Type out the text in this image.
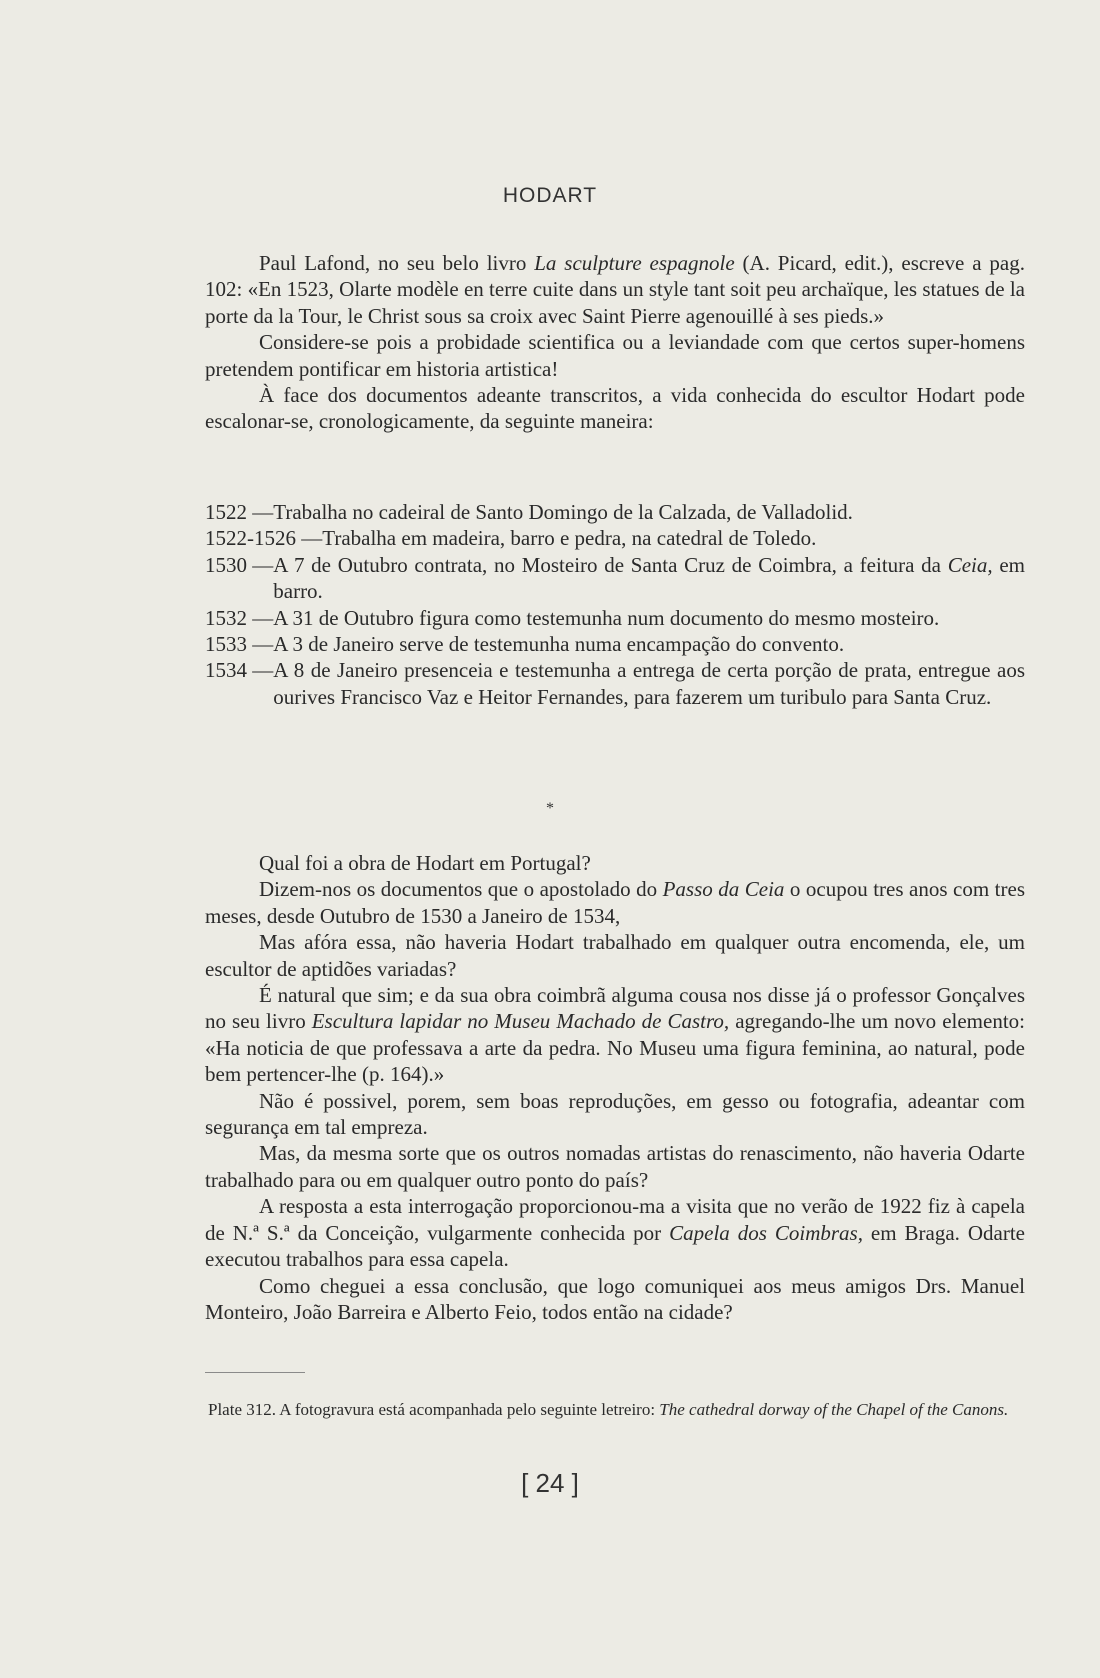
HODART

Paul Lafond, no seu belo livro La sculpture espagnole (A. Picard, edit.), escreve a pag. 102: «En 1523, Olarte modèle en terre cuite dans un style tant soit peu archaïque, les statues de la porte da la Tour, le Christ sous sa croix avec Saint Pierre agenouillé à ses pieds.»

Considere-se pois a probidade scientifica ou a leviandade com que certos super-homens pretendem pontificar em historia artistica!

À face dos documentos adeante transcritos, a vida conhecida do escultor Hodart pode escalonar-se, cronologicamente, da seguinte maneira:

1522 — Trabalha no cadeiral de Santo Domingo de la Calzada, de Valladolid.
1522-1526 — Trabalha em madeira, barro e pedra, na catedral de Toledo.
1530 — A 7 de Outubro contrata, no Mosteiro de Santa Cruz de Coimbra, a feitura da Ceia, em barro.
1532 — A 31 de Outubro figura como testemunha num documento do mesmo mosteiro.
1533 — A 3 de Janeiro serve de testemunha numa encampação do convento.
1534 — A 8 de Janeiro presenceia e testemunha a entrega de certa porção de prata, entregue aos ourives Francisco Vaz e Heitor Fernandes, para fazerem um turibulo para Santa Cruz.
*

Qual foi a obra de Hodart em Portugal?

Dizem-nos os documentos que o apostolado do Passo da Ceia o ocupou tres anos com tres meses, desde Outubro de 1530 a Janeiro de 1534,

Mas afóra essa, não haveria Hodart trabalhado em qualquer outra encomenda, ele, um escultor de aptidões variadas?

É natural que sim; e da sua obra coimbrã alguma cousa nos disse já o professor Gonçalves no seu livro Escultura lapidar no Museu Machado de Castro, agregando-lhe um novo elemento: «Ha noticia de que professava a arte da pedra. No Museu uma figura feminina, ao natural, pode bem pertencer-lhe (p. 164).»

Não é possivel, porem, sem boas reproduções, em gesso ou fotografia, adeantar com segurança em tal empreza.

Mas, da mesma sorte que os outros nomadas artistas do renascimento, não haveria Odarte trabalhado para ou em qualquer outro ponto do país?

A resposta a esta interrogação proporcionou-ma a visita que no verão de 1922 fiz à capela de N.ª S.ª da Conceição, vulgarmente conhecida por Capela dos Coimbras, em Braga. Odarte executou trabalhos para essa capela.

Como cheguei a essa conclusão, que logo comuniquei aos meus amigos Drs. Manuel Monteiro, João Barreira e Alberto Feio, todos então na cidade?

Plate 312. A fotogravura está acompanhada pelo seguinte letreiro: The cathedral dorway of the Chapel of the Canons.
[ 24 ]
